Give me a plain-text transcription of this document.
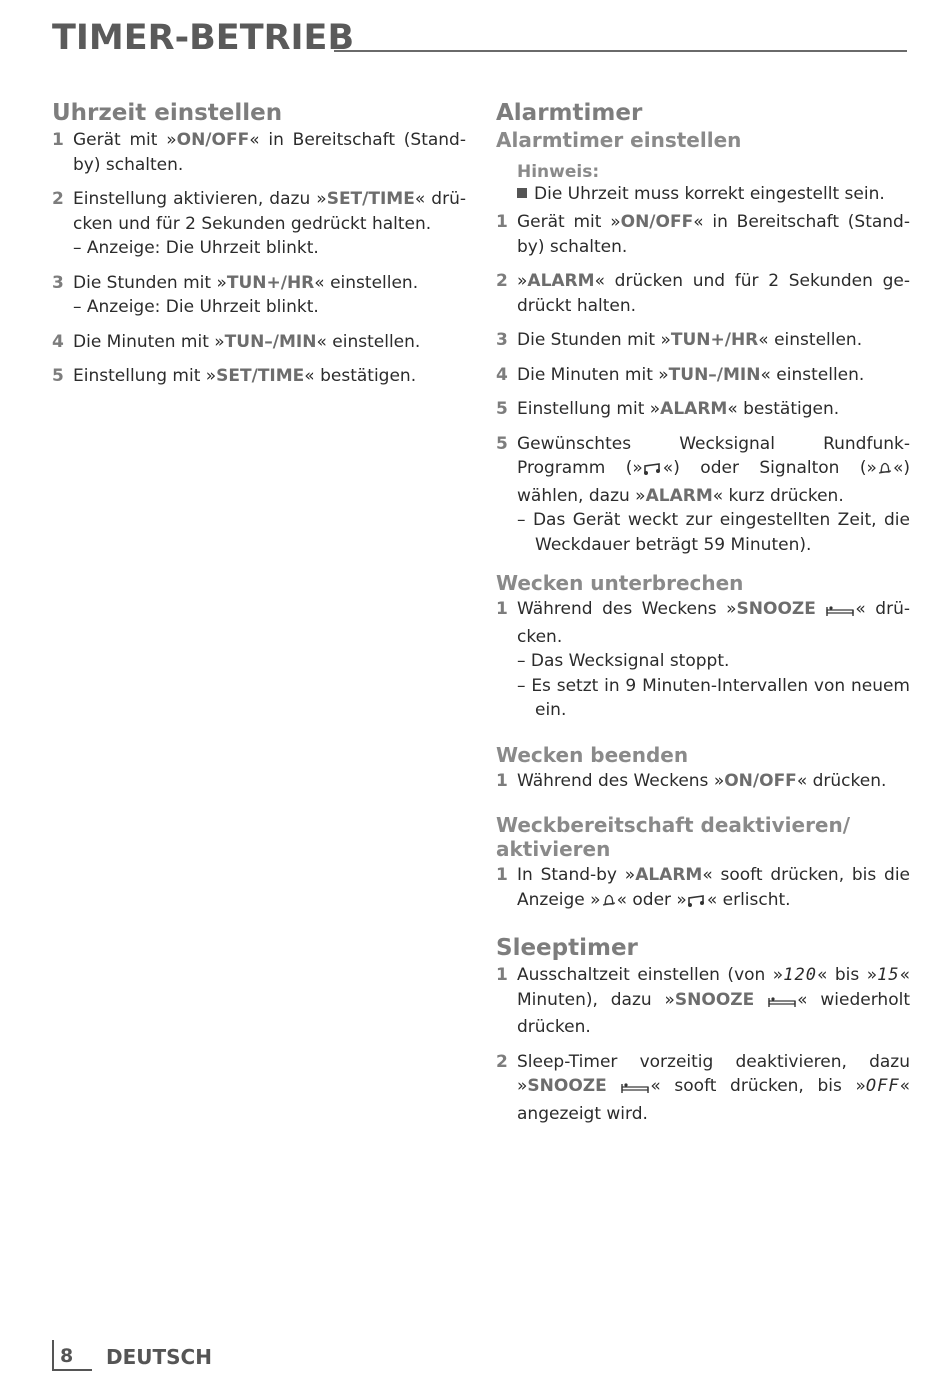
TIMER-BETRIEB
Uhrzeit einstellen
1 Gerät mit »ON/OFF« in Bereitschaft (Stand-by) schalten.
2 Einstellung aktivieren, dazu »SET/TIME« drücken und für 2 Sekunden gedrückt halten.
– Anzeige: Die Uhrzeit blinkt.
3 Die Stunden mit »TUN+/HR« einstellen.
– Anzeige: Die Uhrzeit blinkt.
4 Die Minuten mit »TUN–/MIN« einstellen.
5 Einstellung mit »SET/TIME« bestätigen.
Alarmtimer
Alarmtimer einstellen
Hinweis:
Die Uhrzeit muss korrekt eingestellt sein.
1 Gerät mit »ON/OFF« in Bereitschaft (Stand-by) schalten.
2 »ALARM« drücken und für 2 Sekunden gedrückt halten.
3 Die Stunden mit »TUN+/HR« einstellen.
4 Die Minuten mit »TUN–/MIN« einstellen.
5 Einstellung mit »ALARM« bestätigen.
5 Gewünschtes Wecksignal Rundfunk-Programm (» «) oder Signalton (» «) wählen, dazu »ALARM« kurz drücken.
– Das Gerät weckt zur eingestellten Zeit, die Weckdauer beträgt 59 Minuten).
Wecken unterbrechen
1 Während des Weckens »SNOOZE « drücken.
– Das Wecksignal stoppt.
– Es setzt in 9 Minuten-Intervallen von neuem ein.
Wecken beenden
1 Während des Weckens »ON/OFF« drücken.
Weckbereitschaft deaktivieren/ aktivieren
1 In Stand-by »ALARM« sooft drücken, bis die Anzeige » « oder » « erlischt.
Sleeptimer
1 Ausschaltzeit einstellen (von »120« bis »15« Minuten), dazu »SNOOZE	« wiederholt drücken.
2 Sleep-Timer vorzeitig deaktivieren, dazu »SNOOZE	« sooft drücken, bis »OFF« angezeigt wird.
8 DEUTSCH
